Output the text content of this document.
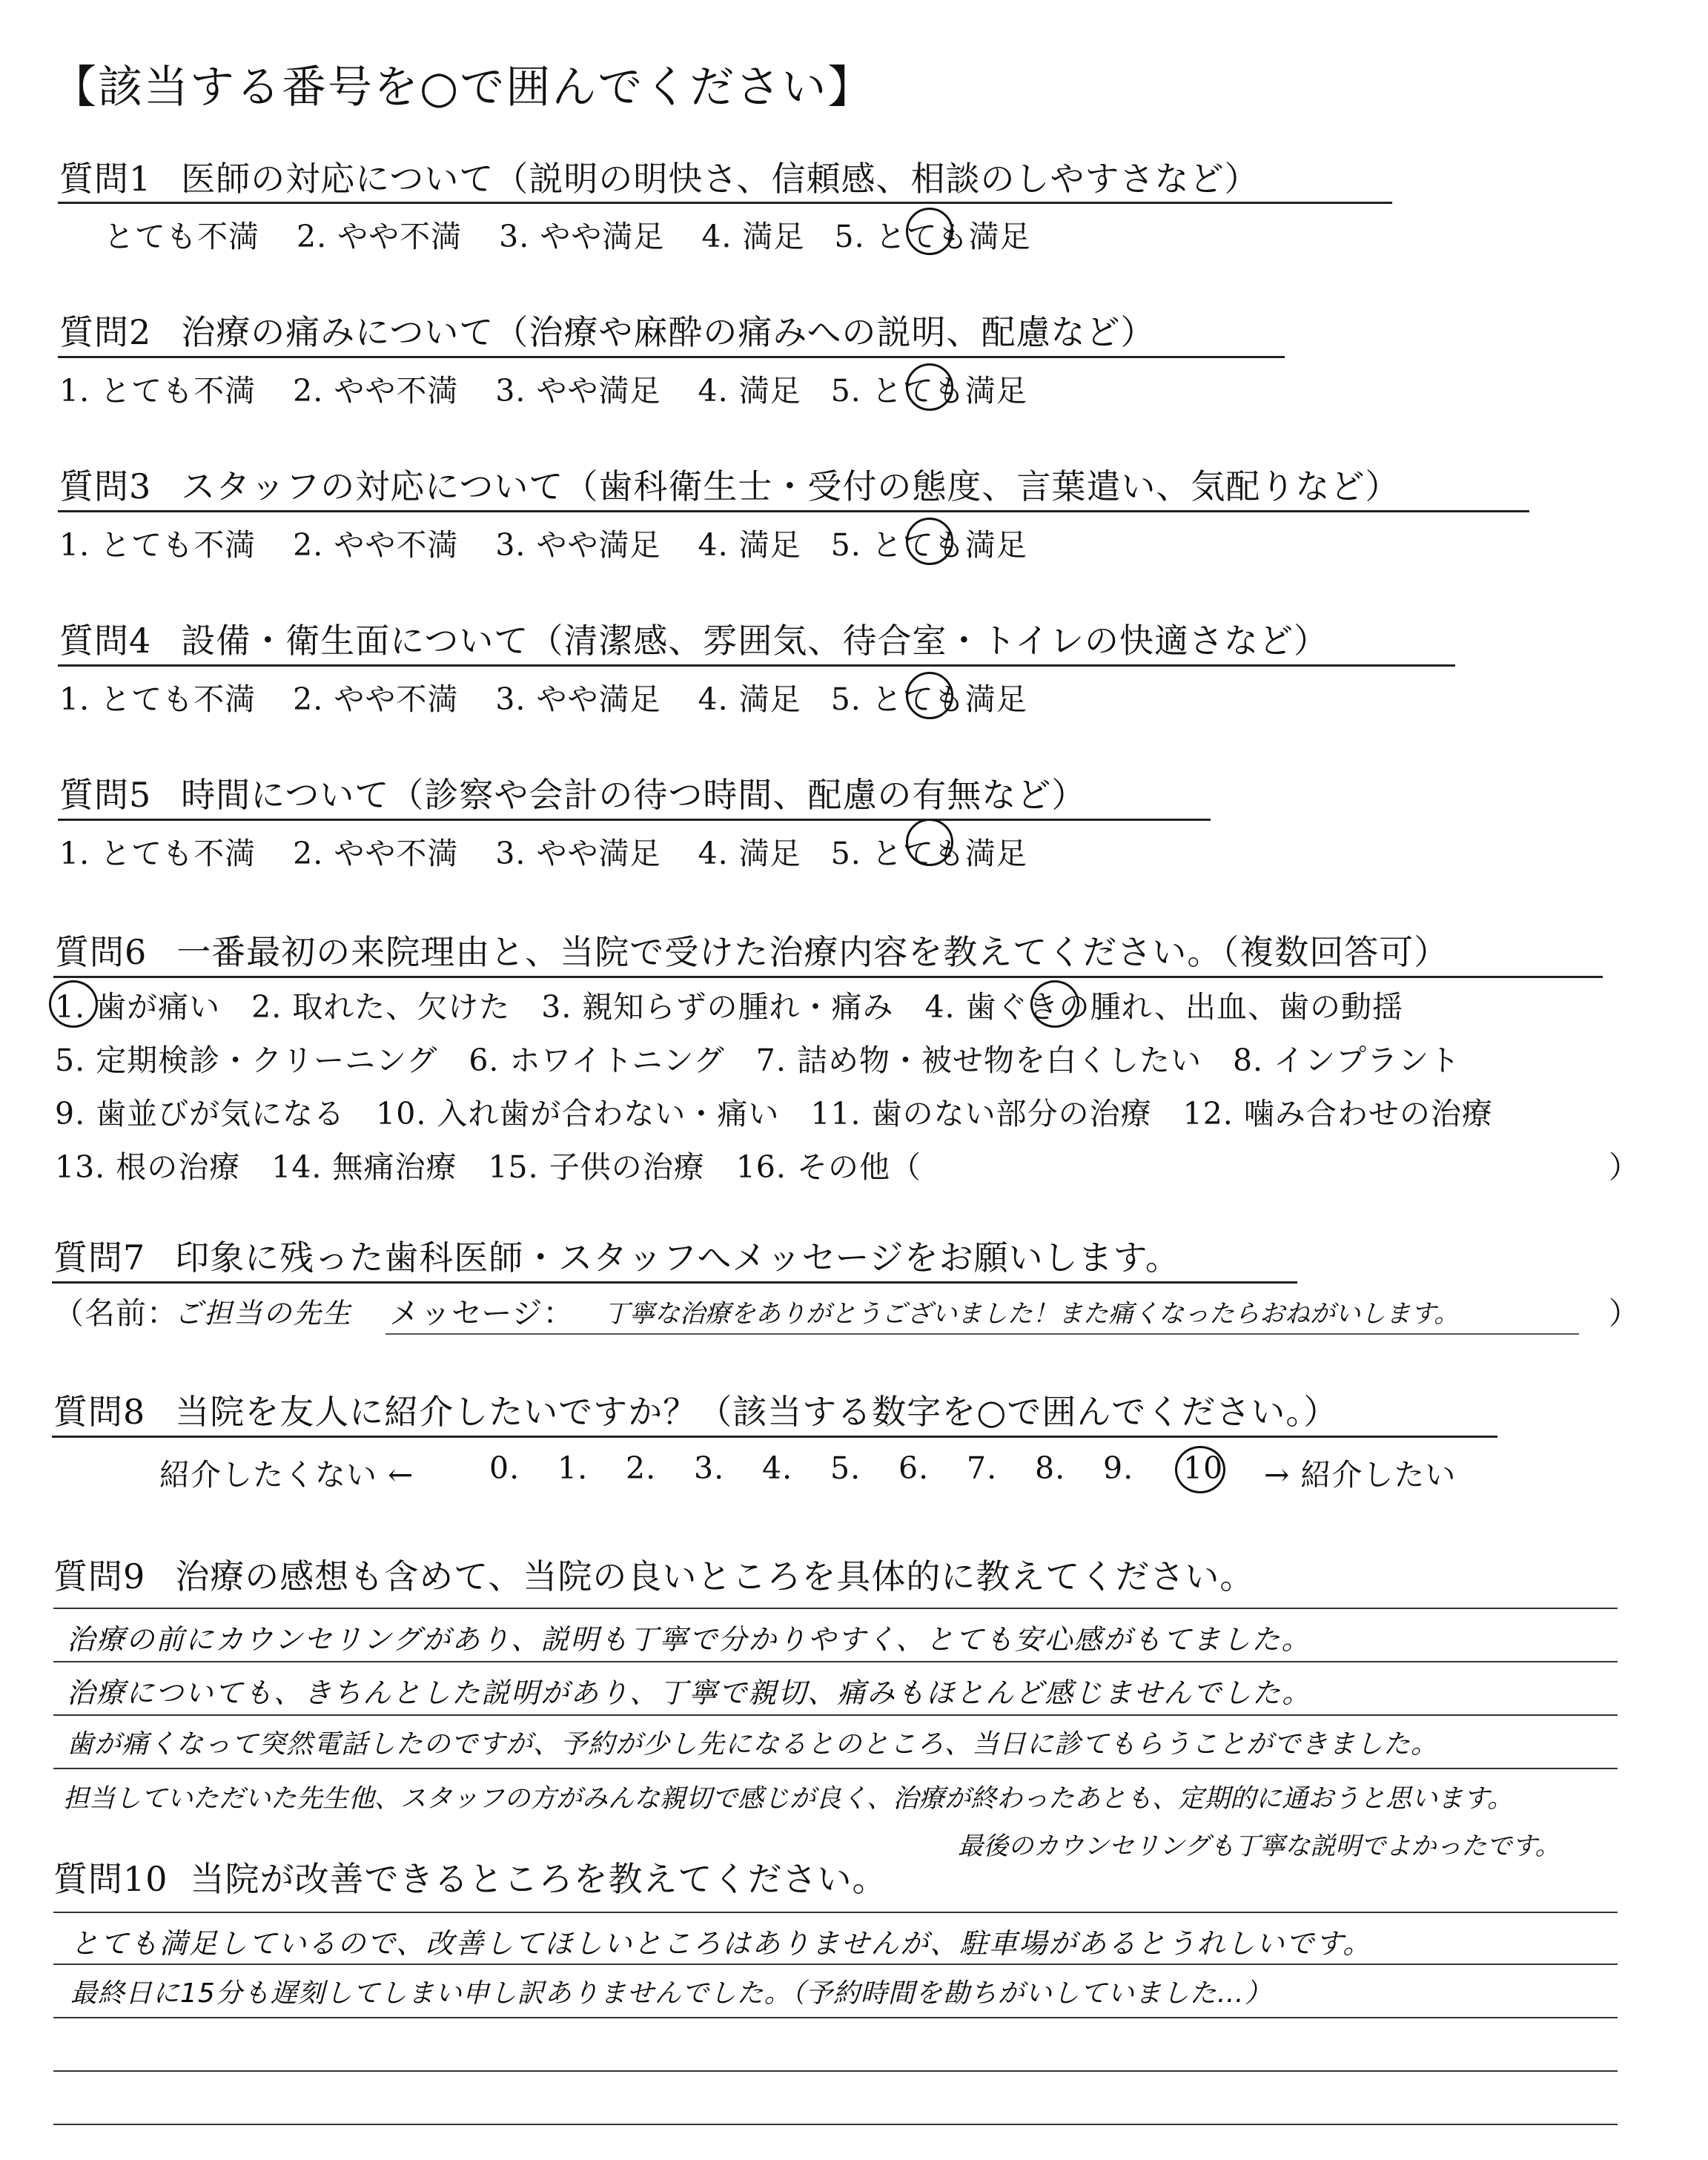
【該当する番号を○で囲んでください】
質問1 医師の対応について（説明の明快さ、信頼感、相談のしやすさなど）
とても不満 2. やや不満 3. やや満足 4. 満足 5. とても満足
質問2 治療の痛みについて（治療や麻酔の痛みへの説明、配慮など）
1. とても不満 2. やや不満 3. やや満足 4. 満足 5. とても満足
質問3 スタッフの対応について（歯科衛生士・受付の態度、言葉遣い、気配りなど）
1. とても不満 2. やや不満 3. やや満足 4. 満足 5. とても満足
質問4 設備・衛生面について（清潔感、雰囲気、待合室・トイレの快適さなど）
1. とても不満 2. やや不満 3. やや満足 4. 満足 5. とても満足
質問5 時間について（診察や会計の待つ時間、配慮の有無など）
1. とても不満 2. やや不満 3. やや満足 4. 満足 5. とても満足
質問6 一番最初の来院理由と、当院で受けた治療内容を教えてください。（複数回答可）
1. 歯が痛い　2. 取れた、欠けた　3. 親知らずの腫れ・痛み　4. 歯ぐきの腫れ、出血、歯の動揺
5. 定期検診・クリーニング　6. ホワイトニング　7. 詰め物・被せ物を白くしたい　8. インプラント
9. 歯並びが気になる　10. 入れ歯が合わない・痛い　11. 歯のない部分の治療　12. 噛み合わせの治療
13. 根の治療　14. 無痛治療　15. 子供の治療　16. その他（	）
質問7 印象に残った歯科医師・スタッフへメッセージをお願いします。
（名前：
ご担当の先生 メッセージ： 丁寧な治療をありがとうございました！また痛くなったらおねがいします。	）
質問8 当院を友人に紹介したいですか？（該当する数字を○で囲んでください。）
紹介したくない ← 0. 1. 2. 3. 4. 5. 6. 7. 8. 9. 10 → 紹介したい
質問9 治療の感想も含めて、当院の良いところを具体的に教えてください。
治療の前にカウンセリングがあり、説明も丁寧で分かりやすく、とても安心感がもてました。
治療についても、きちんとした説明があり、丁寧で親切、痛みもほとんど感じませんでした。
歯が痛くなって突然電話したのですが、予約が少し先になるとのところ、当日に診てもらうことができました。
担当していただいた先生他、スタッフの方がみんな親切で感じが良く、治療が終わったあとも、定期的に通おうと思います。
最後のカウンセリングも丁寧な説明でよかったです。
質問10 当院が改善できるところを教えてください。
とても満足しているので、改善してほしいところはありませんが、駐車場があるとうれしいです。
最終日に15分も遅刻してしまい申し訳ありませんでした。（予約時間を勘ちがいしていました…）
